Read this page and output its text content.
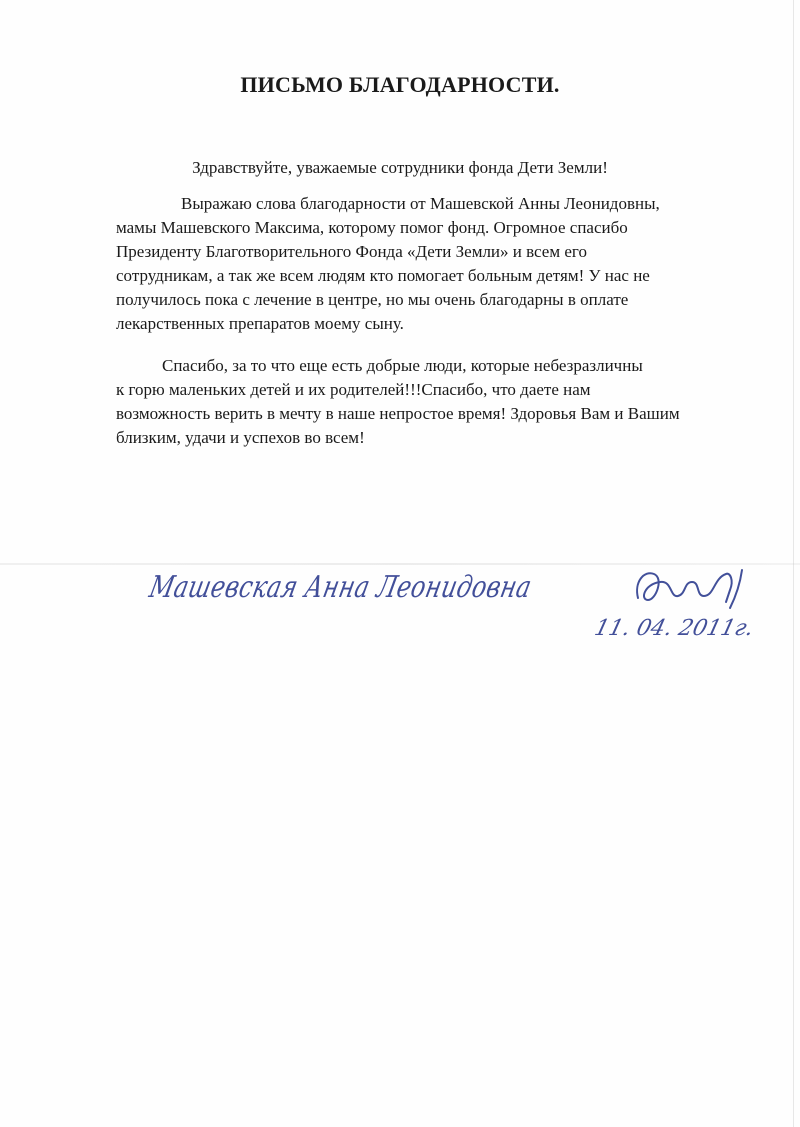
ПИСЬМО БЛАГОДАРНОСТИ.

Здравствуйте, уважаемые сотрудники фонда Дети Земли!

Выражаю слова благодарности от Машевской Анны Леонидовны,
мамы Машевского Максима, которому помог фонд. Огромное спасибо
Президенту Благотворительного Фонда «Дети Земли» и всем его
сотрудникам, а так же всем людям кто помогает больным детям! У нас не
получилось пока с лечение в центре, но мы очень благодарны в оплате
лекарственных препаратов моему сыну.

Спасибо, за то что еще есть добрые люди, которые небезразличны
к горю маленьких детей и их родителей!!!Спасибо, что даете нам
возможность верить в мечту в наше непростое время! Здоровья Вам и Вашим
близким, удачи и успехов во всем!

Машевская Анна Леонидовна
11. 04. 2011г.
